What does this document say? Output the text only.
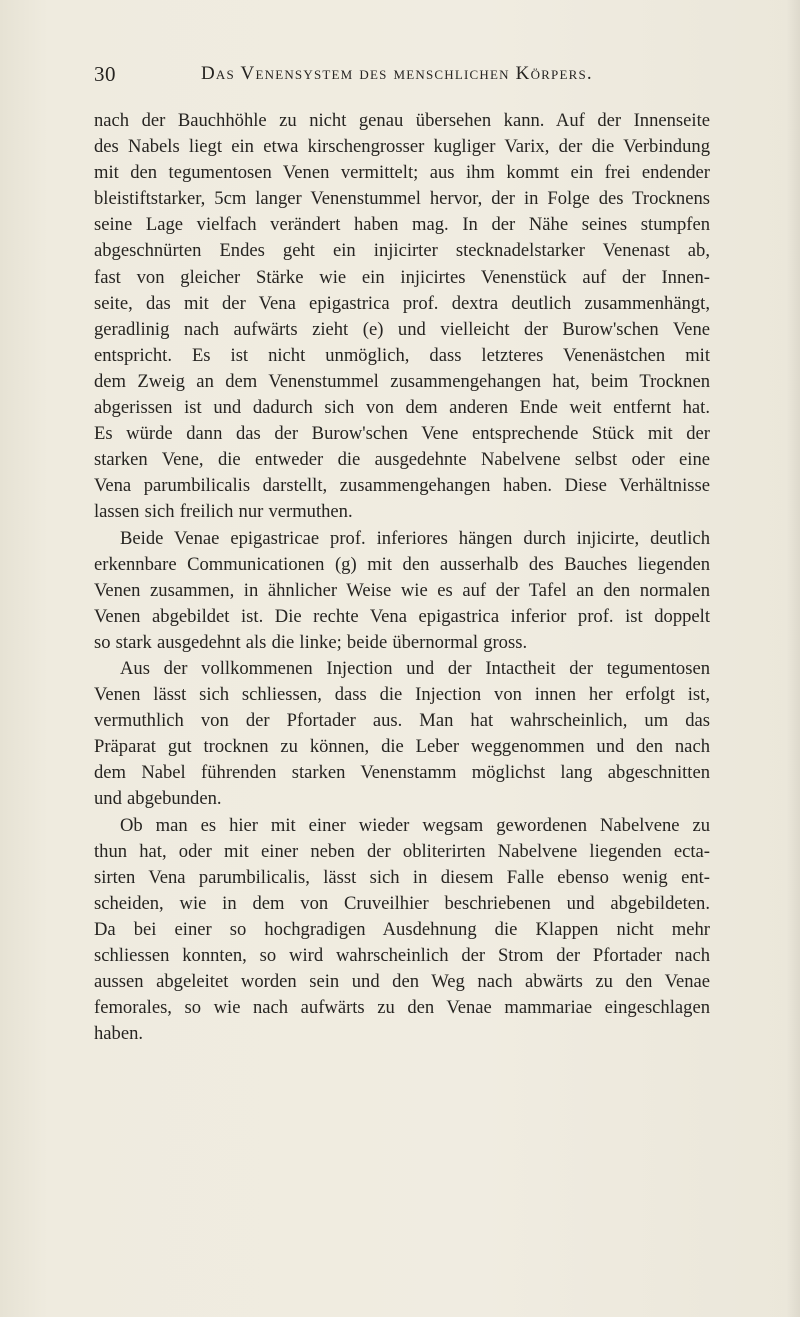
30	Das Venensystem des menschlichen Körpers.
nach der Bauchhöhle zu nicht genau übersehen kann. Auf der Innenseite
des Nabels liegt ein etwa kirschengrosser kugliger Varix, der die Verbindung
mit den tegumentosen Venen vermittelt; aus ihm kommt ein frei endender
bleistiftstarker, 5cm langer Venenstummel hervor, der in Folge des Trocknens
seine Lage vielfach verändert haben mag. In der Nähe seines stumpfen
abgeschnürten Endes geht ein injicirter stecknadelstarker Venenast ab,
fast von gleicher Stärke wie ein injicirtes Venenstück auf der Innen-
seite, das mit der Vena epigastrica prof. dextra deutlich zusammenhängt,
geradlinig nach aufwärts zieht (e) und vielleicht der Burow'schen Vene
entspricht. Es ist nicht unmöglich, dass letzteres Venenästchen mit
dem Zweig an dem Venenstummel zusammengehangen hat, beim Trocknen
abgerissen ist und dadurch sich von dem anderen Ende weit entfernt hat.
Es würde dann das der Burow'schen Vene entsprechende Stück mit der
starken Vene, die entweder die ausgedehnte Nabelvene selbst oder eine
Vena parumbilicalis darstellt, zusammengehangen haben. Diese Verhältnisse
lassen sich freilich nur vermuthen.
Beide Venae epigastricae prof. inferiores hängen durch injicirte, deutlich
erkennbare Communicationen (g) mit den ausserhalb des Bauches liegenden
Venen zusammen, in ähnlicher Weise wie es auf der Tafel an den normalen
Venen abgebildet ist. Die rechte Vena epigastrica inferior prof. ist doppelt
so stark ausgedehnt als die linke; beide übernormal gross.
Aus der vollkommenen Injection und der Intactheit der tegumentosen
Venen lässt sich schliessen, dass die Injection von innen her erfolgt ist,
vermuthlich von der Pfortader aus. Man hat wahrscheinlich, um das
Präparat gut trocknen zu können, die Leber weggenommen und den nach
dem Nabel führenden starken Venenstamm möglichst lang abgeschnitten
und abgebunden.
Ob man es hier mit einer wieder wegsam gewordenen Nabelvene zu
thun hat, oder mit einer neben der obliterirten Nabelvene liegenden ecta-
sirten Vena parumbilicalis, lässt sich in diesem Falle ebenso wenig ent-
scheiden, wie in dem von Cruveilhier beschriebenen und abgebildeten.
Da bei einer so hochgradigen Ausdehnung die Klappen nicht mehr
schliessen konnten, so wird wahrscheinlich der Strom der Pfortader nach
aussen abgeleitet worden sein und den Weg nach abwärts zu den Venae
femorales, so wie nach aufwärts zu den Venae mammariae eingeschlagen
haben.
